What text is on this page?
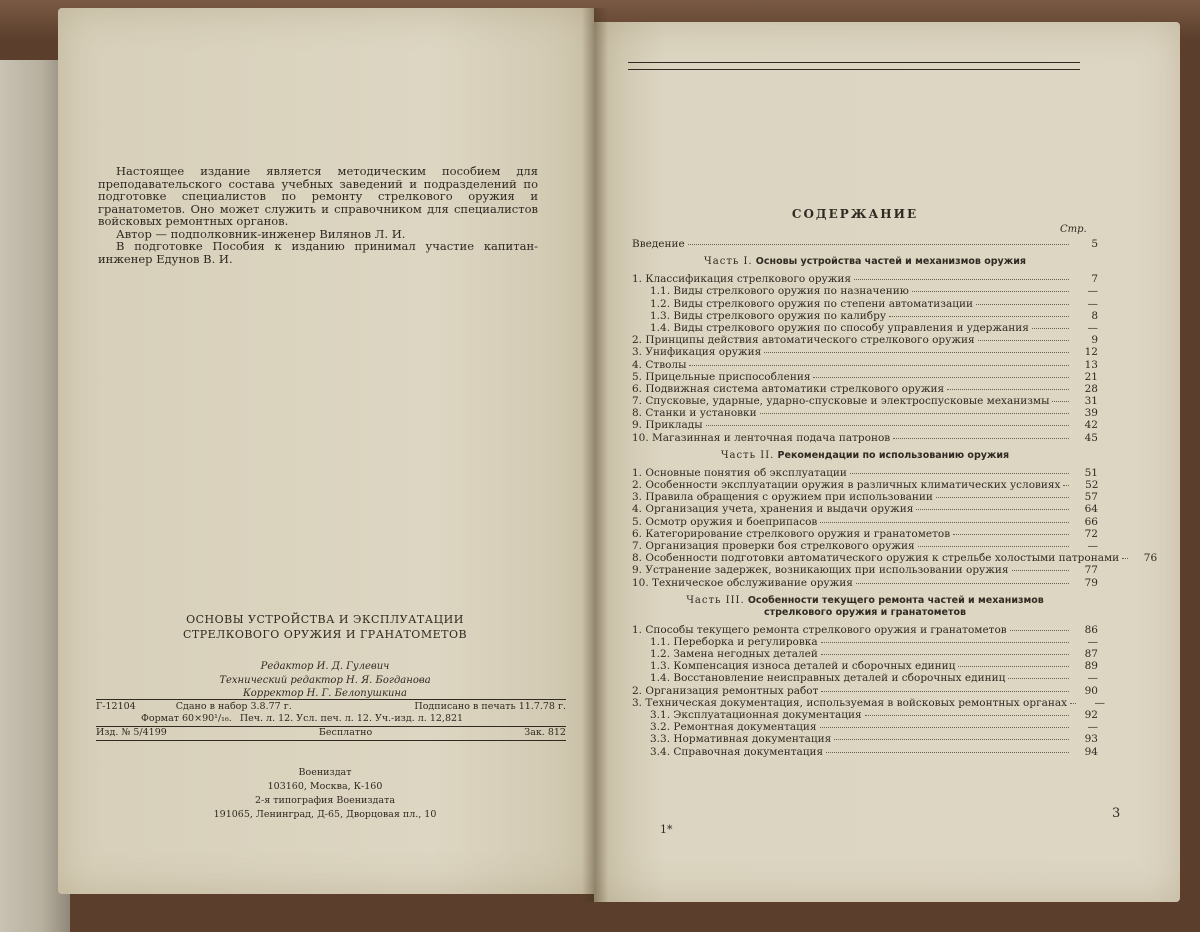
Настоящее издание является методическим пособием для преподавательского состава учебных заведений и подразделений по подготовке специалистов по ремонту стрелкового оружия и гранатометов. Оно может служить и справочником для специалистов войсковых ремонтных органов.

Автор — подполковник-инженер Вилянов Л. И.

В подготовке Пособия к изданию принимал участие капитан-инженер Едунов В. И.

ОСНОВЫ УСТРОЙСТВА И ЭКСПЛУАТАЦИИ
СТРЕЛКОВОГО ОРУЖИЯ И ГРАНАТОМЕТОВ
Редактор И. Д. Гулевич
Технический редактор Н. Я. Богданова
Корректор Н. Г. Белопушкина
Г-12104	Сдано в набор 3.8.77 г.	Подписано в печать 11.7.78 г.
Формат 60×90¹/₁₆. Печ. л. 12. Усл. печ. л. 12. Уч.-изд. л. 12,821
Изд. № 5/4199	Бесплатно	Зак. 812
Воениздат
103160, Москва, К-160
2-я типография Воениздата
191065, Ленинград, Д-65, Дворцовая пл., 10
СОДЕРЖАНИЕ
Стр.
Введение	5
Часть I. Основы устройства частей и механизмов оружия
1. Классификация стрелкового оружия	7
1.1. Виды стрелкового оружия по назначению	—
1.2. Виды стрелкового оружия по степени автоматизации	—
1.3. Виды стрелкового оружия по калибру	8
1.4. Виды стрелкового оружия по способу управления и удержания	—
2. Принципы действия автоматического стрелкового оружия	9
3. Унификация оружия	12
4. Стволы	13
5. Прицельные приспособления	21
6. Подвижная система автоматики стрелкового оружия	28
7. Спусковые, ударные, ударно-спусковые и электроспусковые механизмы	31
8. Станки и установки	39
9. Приклады	42
10. Магазинная и ленточная подача патронов	45
Часть II. Рекомендации по использованию оружия
1. Основные понятия об эксплуатации	51
2. Особенности эксплуатации оружия в различных климатических условиях	52
3. Правила обращения с оружием при использовании	57
4. Организация учета, хранения и выдачи оружия	64
5. Осмотр оружия и боеприпасов	66
6. Категорирование стрелкового оружия и гранатометов	72
7. Организация проверки боя стрелкового оружия	—
8. Особенности подготовки автоматического оружия к стрельбе холостыми патронами	76
9. Устранение задержек, возникающих при использовании оружия	77
10. Техническое обслуживание оружия	79
Часть III. Особенности текущего ремонта частей и механизмов
стрелкового оружия и гранатометов
1. Способы текущего ремонта стрелкового оружия и гранатометов	86
1.1. Переборка и регулировка	—
1.2. Замена негодных деталей	87
1.3. Компенсация износа деталей и сборочных единиц	89
1.4. Восстановление неисправных деталей и сборочных единиц	—
2. Организация ремонтных работ	90
3. Техническая документация, используемая в войсковых ремонтных органах	—
3.1. Эксплуатационная документация	92
3.2. Ремонтная документация	—
3.3. Нормативная документация	93
3.4. Справочная документация	94
1*
3
